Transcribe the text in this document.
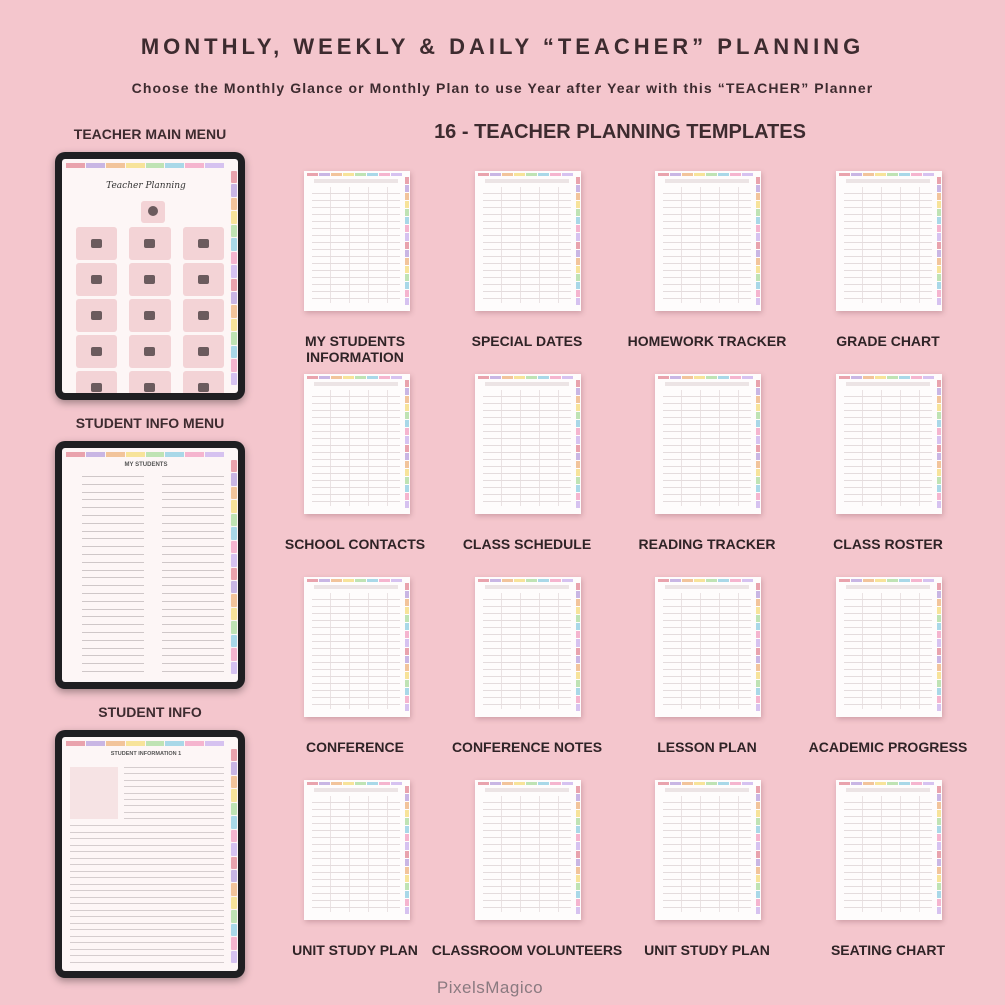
MONTHLY, WEEKLY & DAILY “TEACHER” PLANNING
Choose the Monthly Glance or Monthly Plan to use Year after Year with this “TEACHER” Planner
16 - TEACHER PLANNING TEMPLATES
TEACHER MAIN MENU
Teacher Planning
STUDENT INFO MENU
MY STUDENTS
STUDENT INFO
STUDENT INFORMATION 1
MY STUDENTS INFORMATION
SPECIAL DATES	HOMEWORK TRACKER	GRADE CHART
SCHOOL CONTACTS	CLASS SCHEDULE	READING TRACKER	CLASS ROSTER
CONFERENCE	CONFERENCE NOTES	LESSON PLAN	ACADEMIC PROGRESS
UNIT STUDY PLAN CLASSROOM VOLUNTEERS	UNIT STUDY PLAN	SEATING CHART
PixelsMagico
